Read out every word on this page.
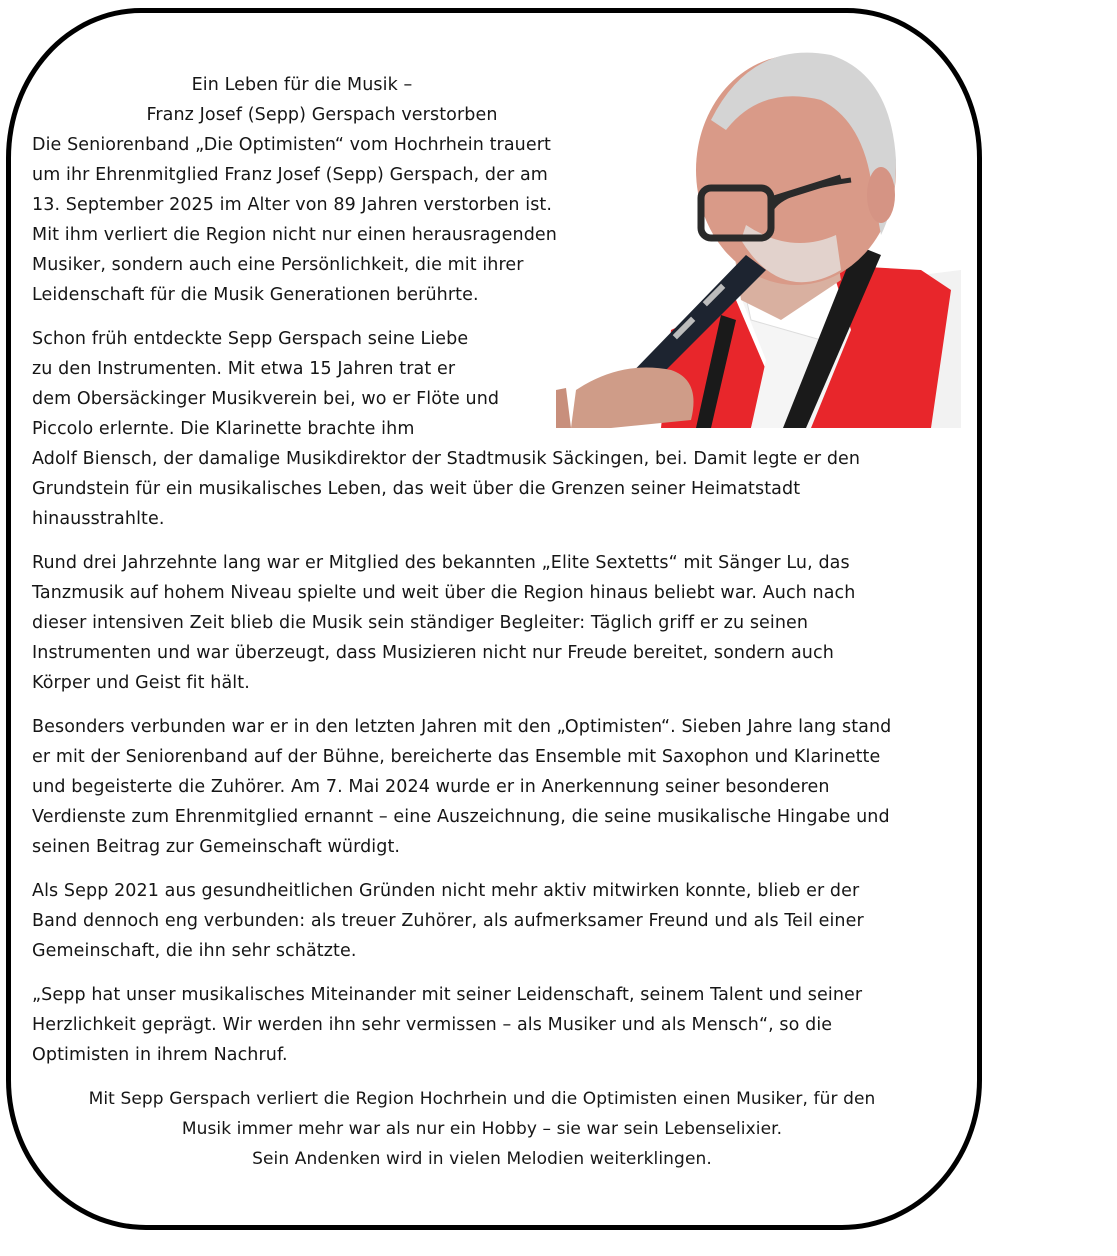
Ein Leben für die Musik –
Franz Josef (Sepp) Gerspach verstorben

Die Seniorenband „Die Optimisten“ vom Hochrhein trauert
um ihr Ehrenmitglied Franz Josef (Sepp) Gerspach, der am
13. September 2025 im Alter von 89 Jahren verstorben ist.
Mit ihm verliert die Region nicht nur einen herausragenden
Musiker, sondern auch eine Persönlichkeit, die mit ihrer
Leidenschaft für die Musik Generationen berührte.

Schon früh entdeckte Sepp Gerspach seine Liebe
zu den Instrumenten. Mit etwa 15 Jahren trat er
dem Obersäckinger Musikverein bei, wo er Flöte und
Piccolo erlernte. Die Klarinette brachte ihm
Adolf Biensch, der damalige Musikdirektor der Stadtmusik Säckingen, bei. Damit legte er den
Grundstein für ein musikalisches Leben, das weit über die Grenzen seiner Heimatstadt
hinausstrahlte.

Rund drei Jahrzehnte lang war er Mitglied des bekannten „Elite Sextetts“ mit Sänger Lu, das
Tanzmusik auf hohem Niveau spielte und weit über die Region hinaus beliebt war. Auch nach
dieser intensiven Zeit blieb die Musik sein ständiger Begleiter: Täglich griff er zu seinen
Instrumenten und war überzeugt, dass Musizieren nicht nur Freude bereitet, sondern auch
Körper und Geist fit hält.

Besonders verbunden war er in den letzten Jahren mit den „Optimisten“. Sieben Jahre lang stand
er mit der Seniorenband auf der Bühne, bereicherte das Ensemble mit Saxophon und Klarinette
und begeisterte die Zuhörer. Am 7. Mai 2024 wurde er in Anerkennung seiner besonderen
Verdienste zum Ehrenmitglied ernannt – eine Auszeichnung, die seine musikalische Hingabe und
seinen Beitrag zur Gemeinschaft würdigt.

Als Sepp 2021 aus gesundheitlichen Gründen nicht mehr aktiv mitwirken konnte, blieb er der
Band dennoch eng verbunden: als treuer Zuhörer, als aufmerksamer Freund und als Teil einer
Gemeinschaft, die ihn sehr schätzte.

„Sepp hat unser musikalisches Miteinander mit seiner Leidenschaft, seinem Talent und seiner
Herzlichkeit geprägt. Wir werden ihn sehr vermissen – als Musiker und als Mensch“, so die
Optimisten in ihrem Nachruf.

Mit Sepp Gerspach verliert die Region Hochrhein und die Optimisten einen Musiker, für den
Musik immer mehr war als nur ein Hobby – sie war sein Lebenselixier.
Sein Andenken wird in vielen Melodien weiterklingen.
